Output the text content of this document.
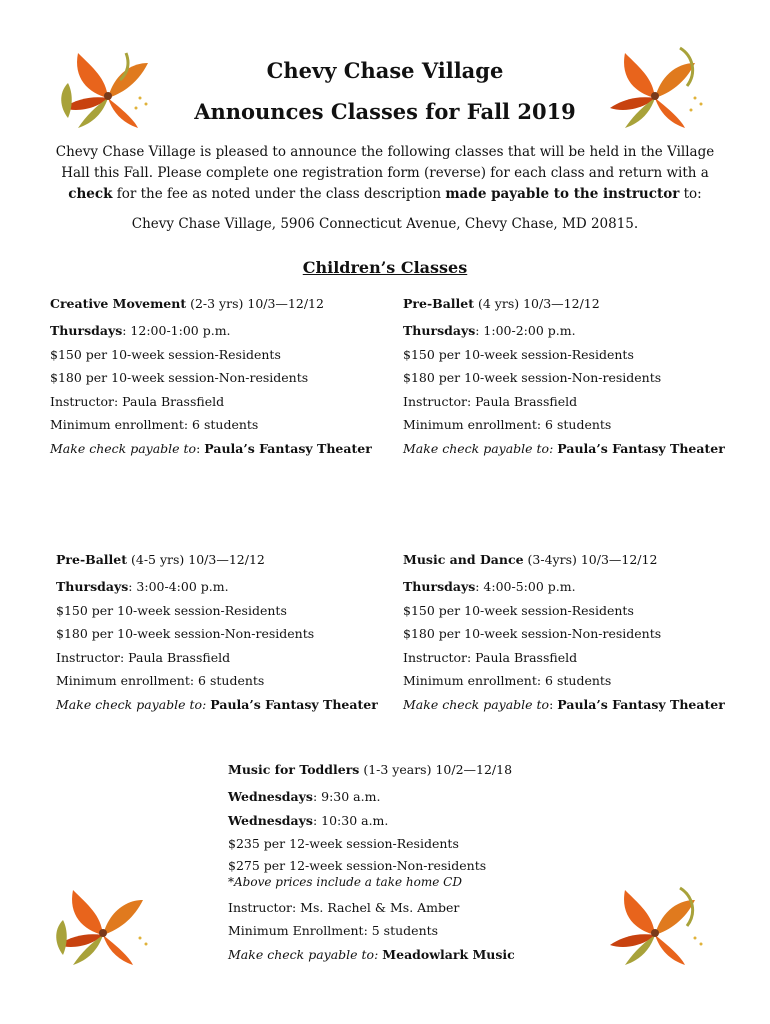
Chevy Chase Village
Announces Classes for Fall 2019
Chevy Chase Village is pleased to announce the following classes that will be held in the Village Hall this Fall. Please complete one registration form (reverse) for each class and return with a check for the fee as noted under the class description made payable to the instructor to:
Chevy Chase Village, 5906 Connecticut Avenue, Chevy Chase, MD 20815.
Children’s Classes
Creative Movement (2-3 yrs) 10/3—12/12
Thursdays: 12:00-1:00 p.m.
$150 per 10-week session-Residents
$180 per 10-week session-Non-residents
Instructor: Paula Brassfield
Minimum enrollment: 6 students
Make check payable to: Paula’s Fantasy Theater
Pre-Ballet (4 yrs) 10/3—12/12
Thursdays: 1:00-2:00 p.m.
$150 per 10-week session-Residents
$180 per 10-week session-Non-residents
Instructor: Paula Brassfield
Minimum enrollment: 6 students
Make check payable to: Paula’s Fantasy Theater
Pre-Ballet (4-5 yrs) 10/3—12/12
Thursdays: 3:00-4:00 p.m.
$150 per 10-week session-Residents
$180 per 10-week session-Non-residents
Instructor: Paula Brassfield
Minimum enrollment: 6 students
Make check payable to: Paula’s Fantasy Theater
Music and Dance (3-4yrs) 10/3—12/12
Thursdays: 4:00-5:00 p.m.
$150 per 10-week session-Residents
$180 per 10-week session-Non-residents
Instructor: Paula Brassfield
Minimum enrollment: 6 students
Make check payable to: Paula’s Fantasy Theater
Music for Toddlers (1-3 years) 10/2—12/18
Wednesdays: 9:30 a.m.
Wednesdays: 10:30 a.m.
$235 per 12-week session-Residents
$275 per 12-week session-Non-residents
*Above prices include a take home CD
Instructor: Ms. Rachel & Ms. Amber
Minimum Enrollment: 5 students
Make check payable to: Meadowlark Music
